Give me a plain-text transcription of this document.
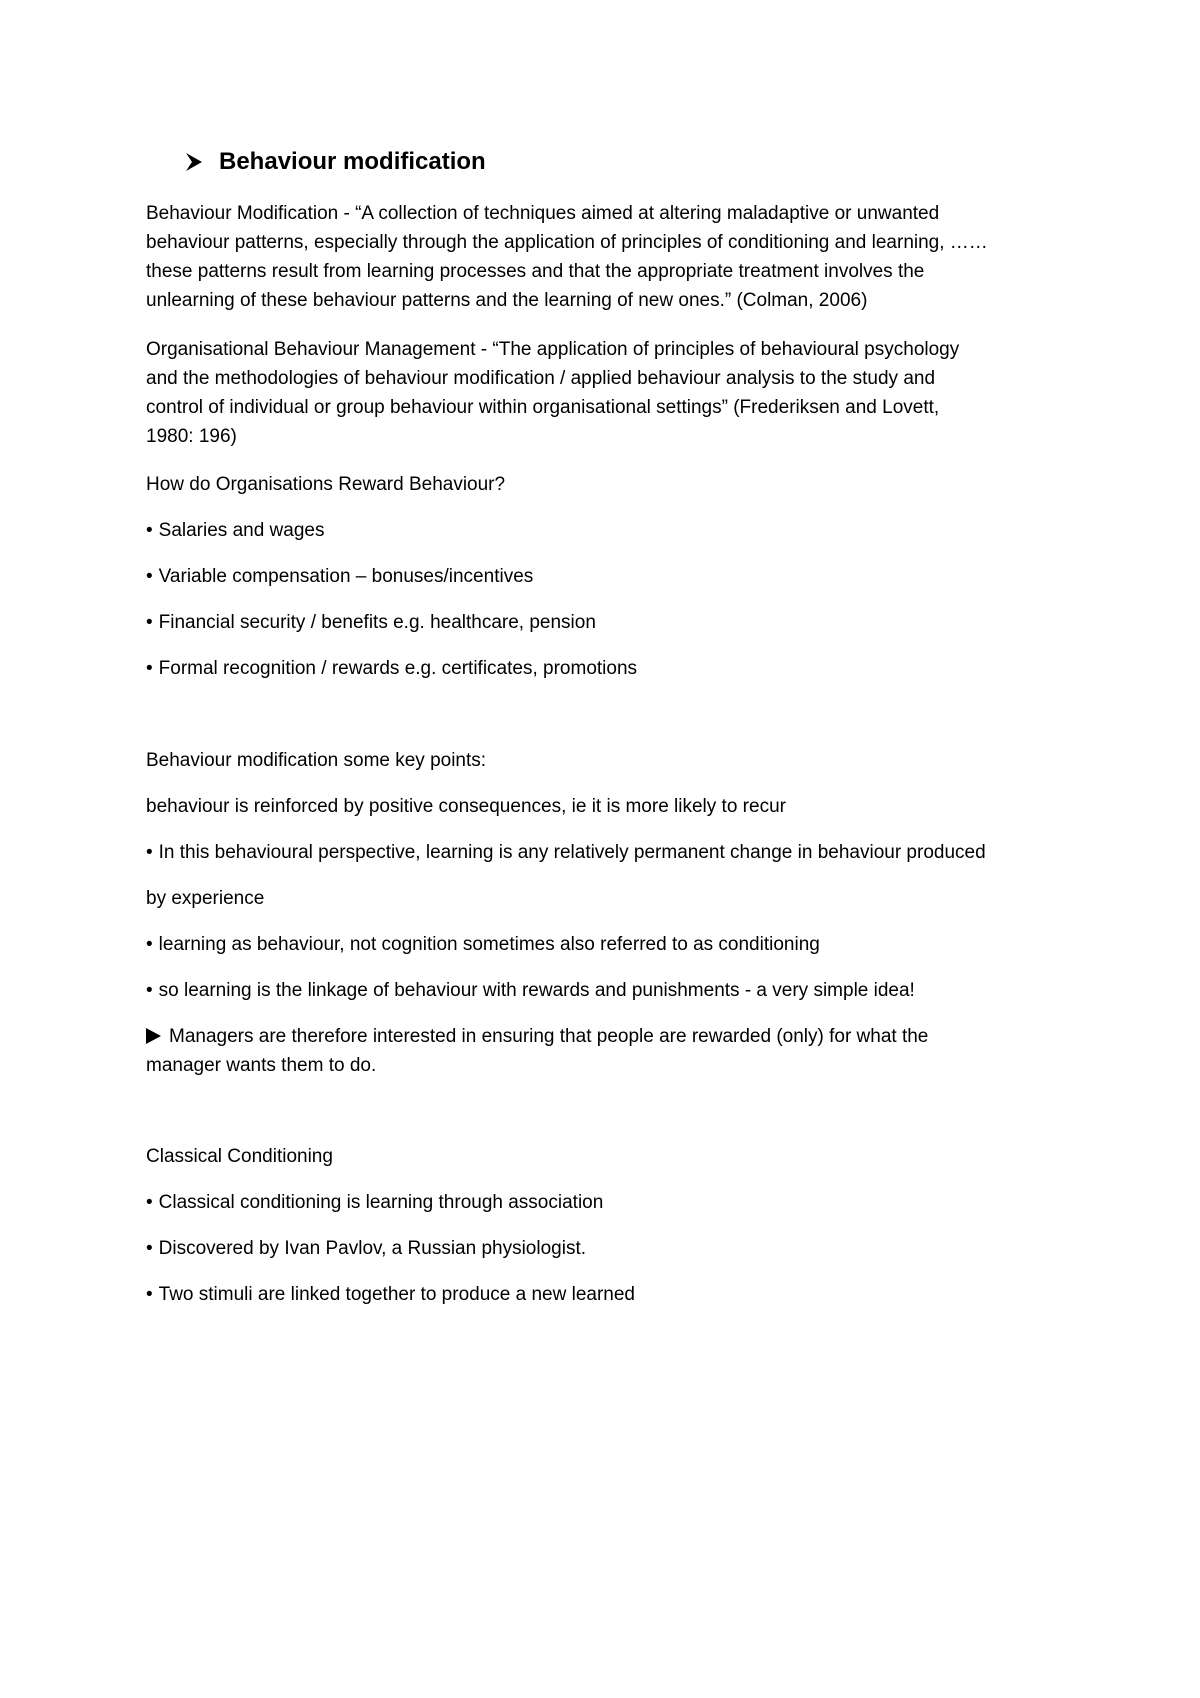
Behaviour modification
Behaviour Modification - “A collection of techniques aimed at altering maladaptive or unwanted
behaviour patterns, especially through the application of principles of conditioning and learning, ……
these patterns result from learning processes and that the appropriate treatment involves the
unlearning of these behaviour patterns and the learning of new ones.” (Colman, 2006)
Organisational Behaviour Management - “The application of principles of behavioural psychology
and the methodologies of behaviour modification / applied behaviour analysis to the study and
control of individual or group behaviour within organisational settings” (Frederiksen and Lovett,
1980: 196)
How do Organisations Reward Behaviour?
• Salaries and wages
• Variable compensation – bonuses/incentives
• Financial security / benefits e.g. healthcare, pension
• Formal recognition / rewards e.g. certificates, promotions
Behaviour modification some key points:
behaviour is reinforced by positive consequences, ie it is more likely to recur
• In this behavioural perspective, learning is any relatively permanent change in behaviour produced
by experience
• learning as behaviour, not cognition sometimes also referred to as conditioning
• so learning is the linkage of behaviour with rewards and punishments - a very simple idea!
Managers are therefore interested in ensuring that people are rewarded (only) for what the
manager wants them to do.
Classical Conditioning
• Classical conditioning is learning through association
• Discovered by Ivan Pavlov, a Russian physiologist.
• Two stimuli are linked together to produce a new learned
